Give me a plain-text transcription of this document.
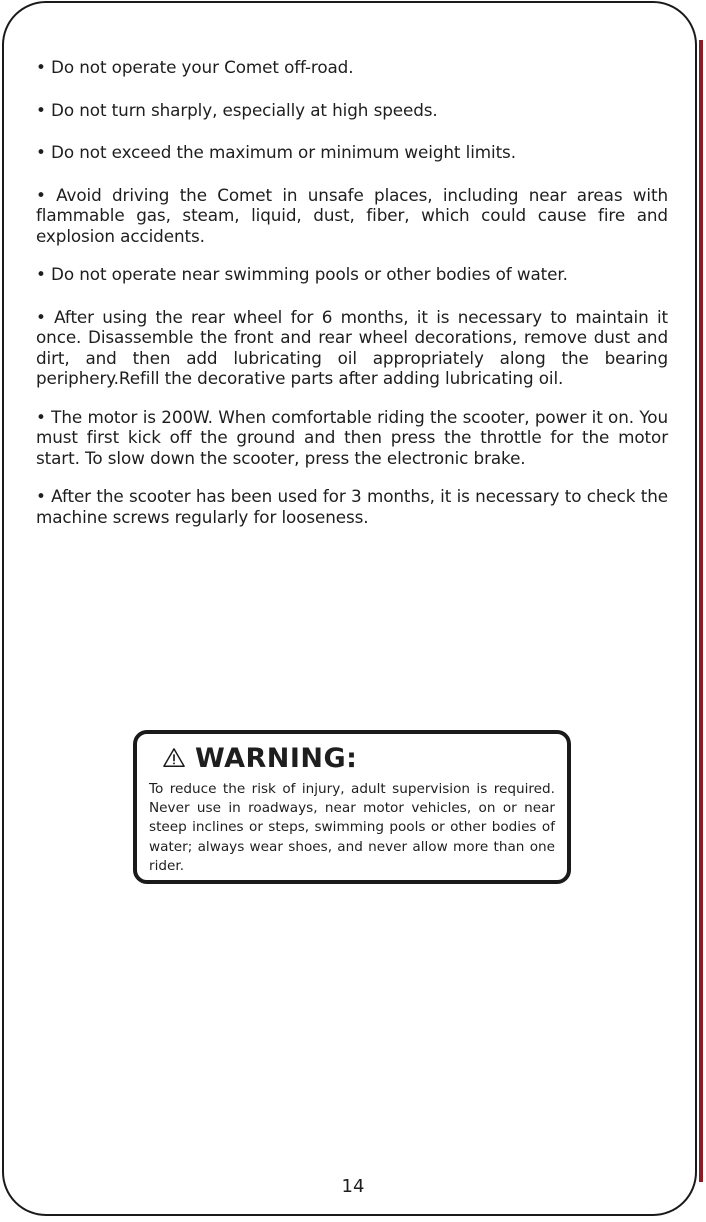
• Do not operate your Comet off-road.

• Do not turn sharply, especially at high speeds.

• Do not exceed the maximum or minimum weight limits.

• Avoid driving the Comet in unsafe places, including near areas with flammable gas, steam, liquid, dust, fiber, which could cause fire and explosion accidents.

• Do not operate near swimming pools or other bodies of water.

• After using the rear wheel for 6 months, it is necessary to maintain it once. Disassemble the front and rear wheel decorations, remove dust and dirt, and then add lubricating oil appropriately along the bearing periphery.Refill the decorative parts after adding lubricating oil.

• The motor is 200W. When comfortable riding the scooter, power it on. You must first kick off the ground and then press the throttle for the motor start. To slow down the scooter, press the electronic brake.

• After the scooter has been used for 3 months, it is necessary to check the machine screws regularly for looseness.

WARNING:

To reduce the risk of injury, adult supervision is required. Never use in roadways, near motor vehicles, on or near steep inclines or steps, swimming pools or other bodies of water; always wear shoes, and never allow more than one rider.

14
